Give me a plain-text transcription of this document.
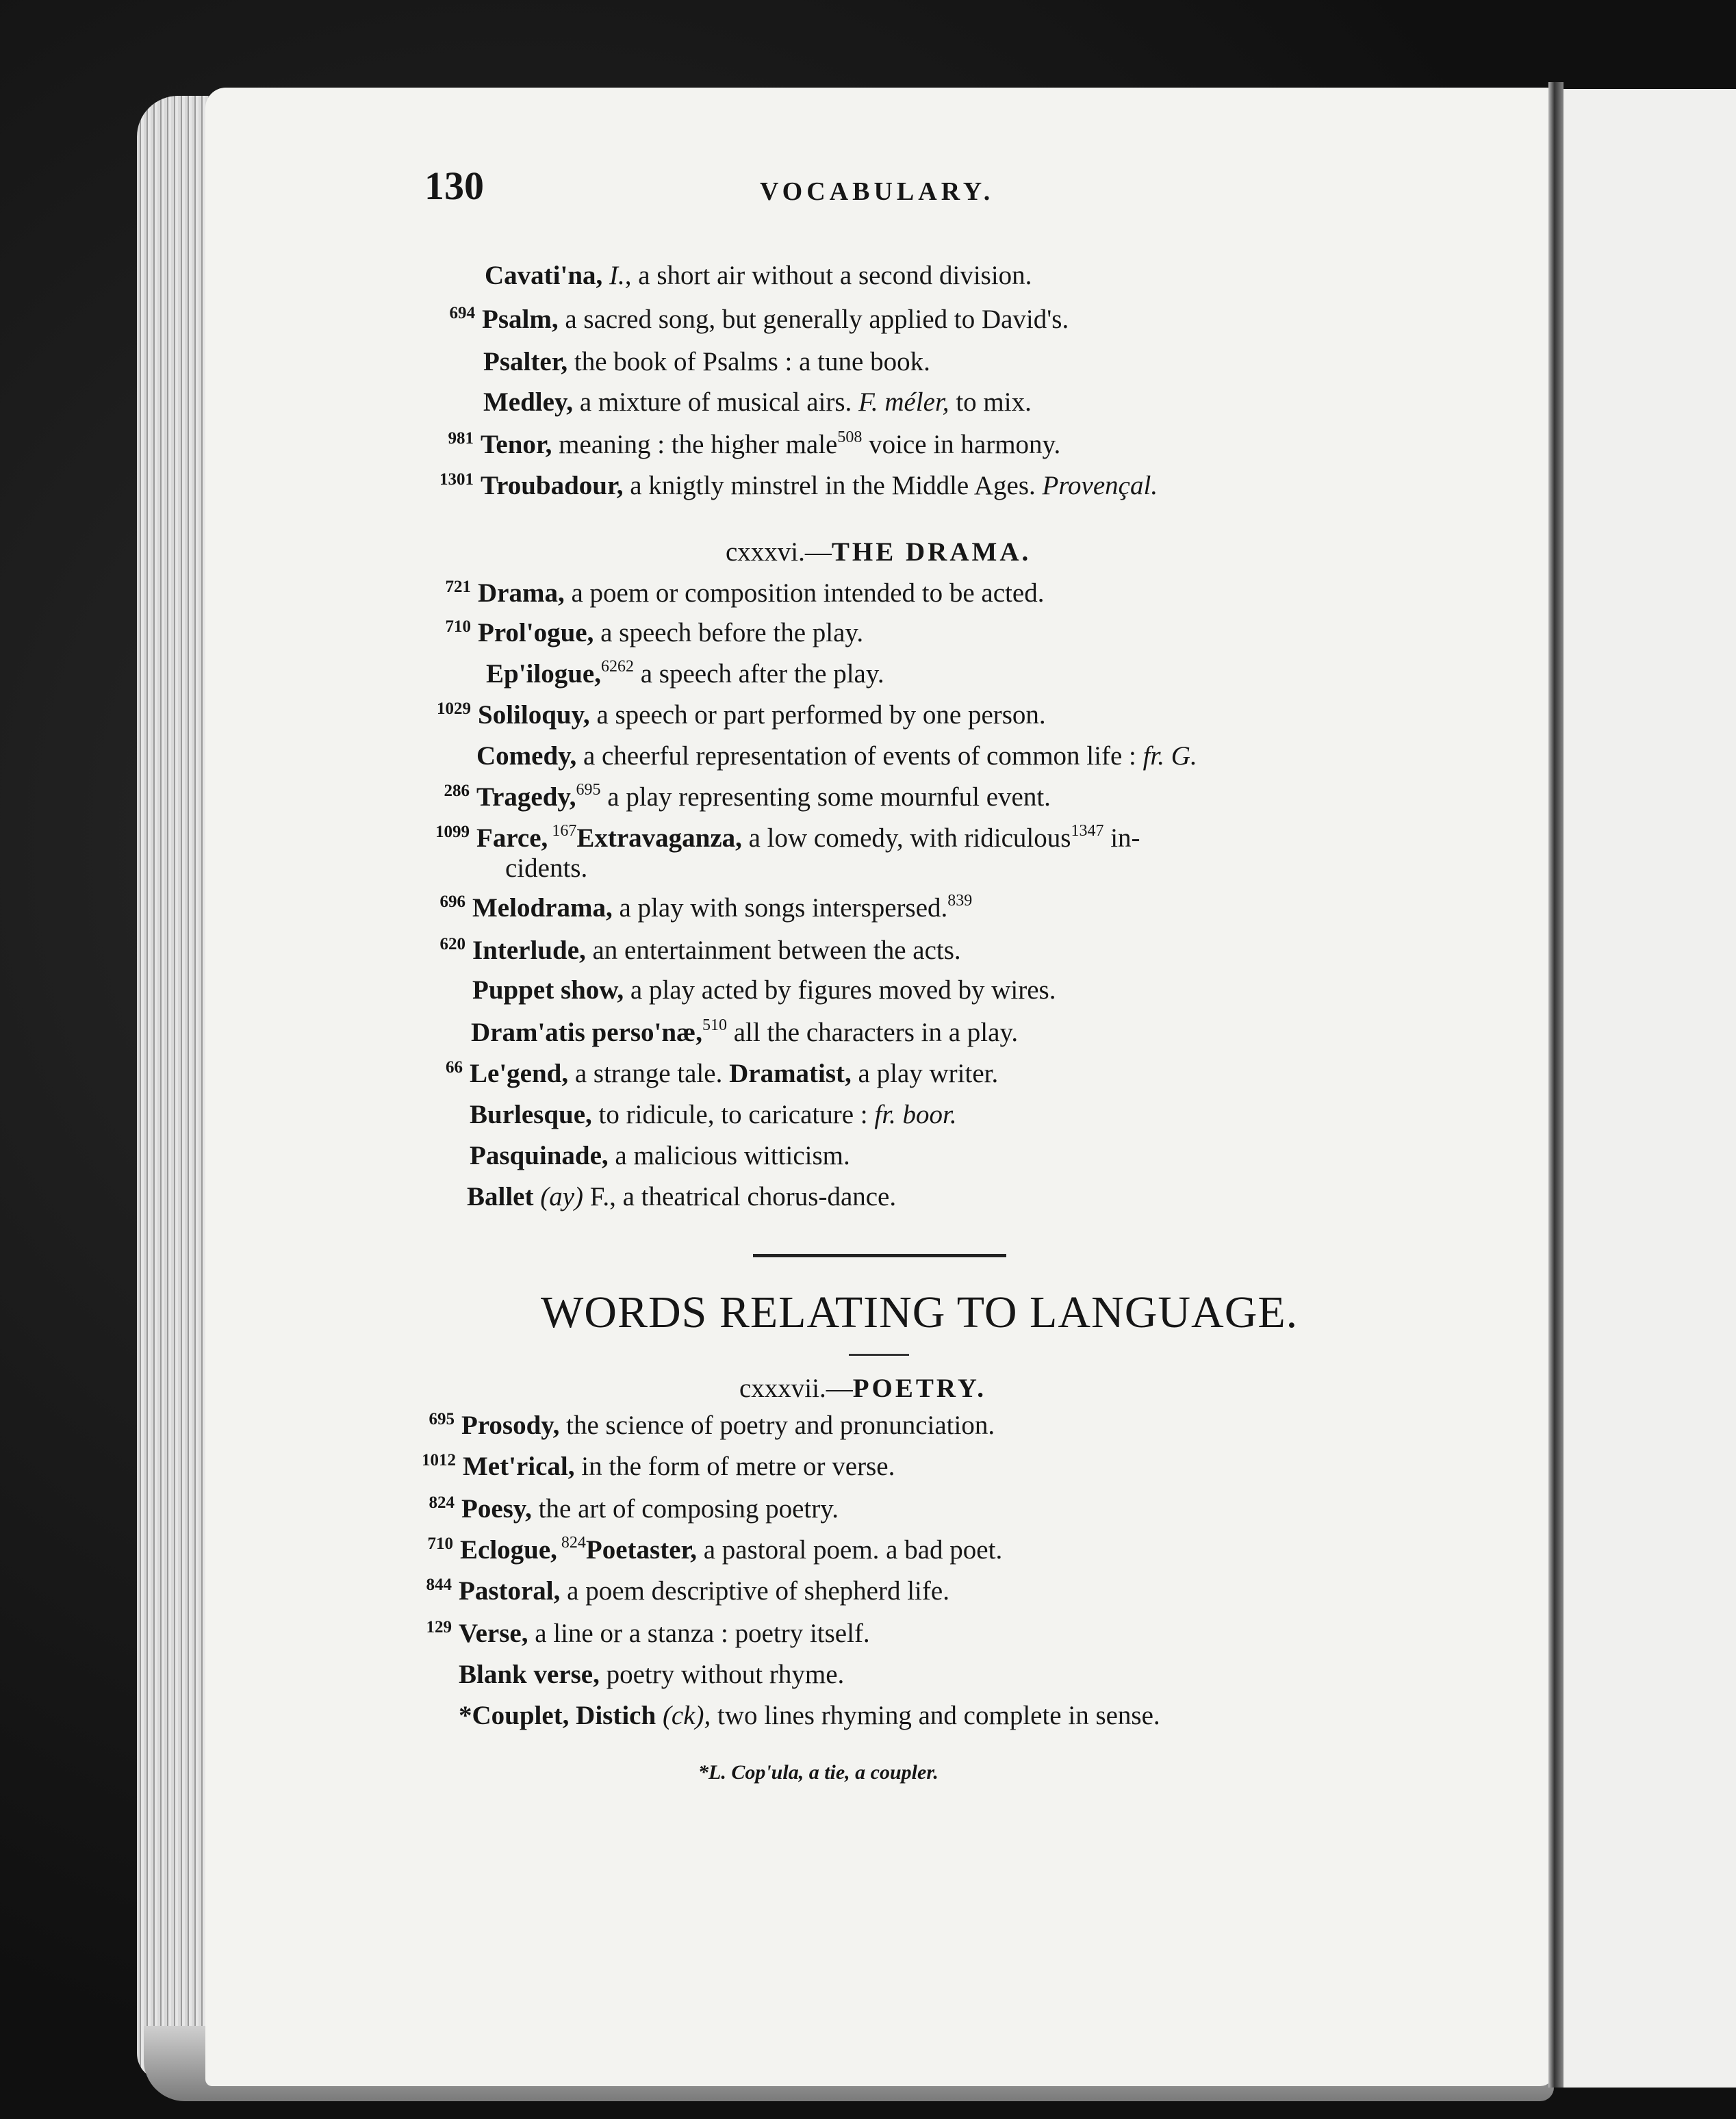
130	VOCABULARY.
Cavati'na, I., a short air without a second division.
694 Psalm, a sacred song, but generally applied to David's.
Psalter, the book of Psalms : a tune book.
Medley, a mixture of musical airs. F. méler, to mix.
981 Tenor, meaning : the higher male$^{508}$ voice in harmony.
1301 Troubadour, a knigtly minstrel in the Middle Ages. Provençal.
cxxxvi.—THE DRAMA.
721 Drama, a poem or composition intended to be acted.
710 Prol'ogue, a speech before the play.
Ep'ilogue,$^{6262}$ a speech after the play.
1029 Soliloquy, a speech or part performed by one person.
Comedy, a cheerful representation of events of common life : fr. G.
286 Tragedy,$^{695}$ a play representing some mournful event.
1099 Farce, $^{167}$Extravaganza, a low comedy, with ridiculous$^{1347}$ in-
cidents.
696 Melodrama, a play with songs interspersed.$^{839}$
620 Interlude, an entertainment between the acts.
Puppet show, a play acted by figures moved by wires.
Dram'atis perso'næ,$^{510}$ all the characters in a play.
66 Le'gend, a strange tale. Dramatist, a play writer.
Burlesque, to ridicule, to caricature : fr. boor.
Pasquinade, a malicious witticism.
Ballet (ay) F., a theatrical chorus-dance.
WORDS RELATING TO LANGUAGE.
cxxxvii.—POETRY.
695 Prosody, the science of poetry and pronunciation.
1012 Met'rical, in the form of metre or verse.
824 Poesy, the art of composing poetry.
710 Eclogue, $^{824}$Poetaster, a pastoral poem. a bad poet.
844 Pastoral, a poem descriptive of shepherd life.
129 Verse, a line or a stanza : poetry itself.
Blank verse, poetry without rhyme.
*Couplet, Distich (ck), two lines rhyming and complete in sense.
*L. Cop'ula, a tie, a coupler.
